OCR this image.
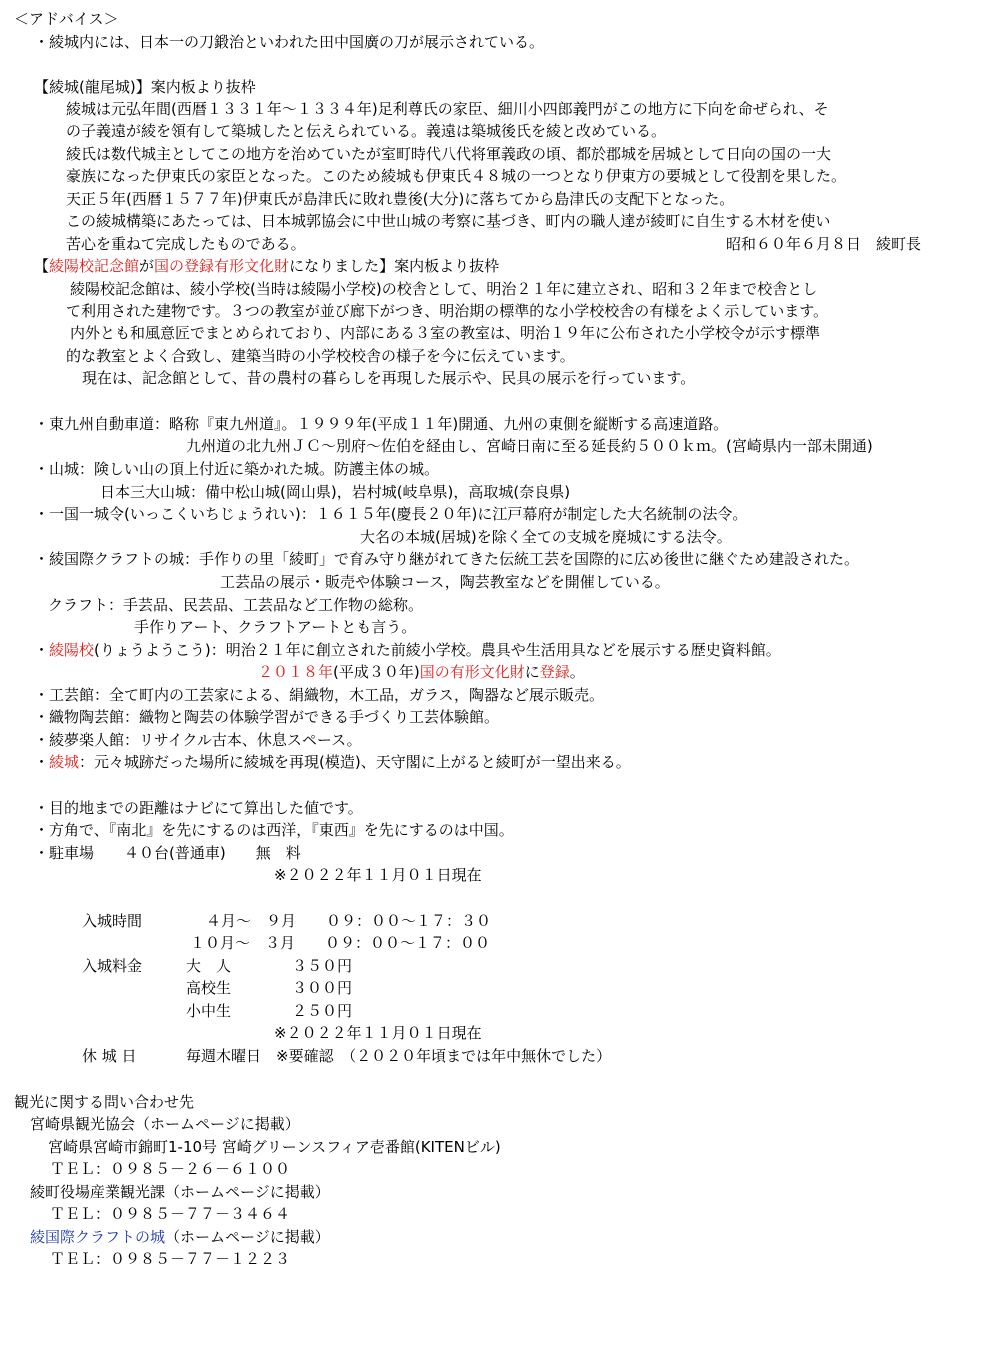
＜アドバイス＞
・綾城内には、日本一の刀鍛治といわれた田中国廣の刀が展示されている。
【綾城(龍尾城)】案内板より抜枠
綾城は元弘年間(西暦１３３１年～１３３４年)足利尊氏の家臣、細川小四郎義門がこの地方に下向を命ぜられ、そ
の子義遠が綾を領有して築城したと伝えられている。義遠は築城後氏を綾と改めている。
綾氏は数代城主としてこの地方を治めていたが室町時代八代将軍義政の頃、都於郡城を居城として日向の国の一大
豪族になった伊東氏の家臣となった。このため綾城も伊東氏４８城の一つとなり伊東方の要城として役割を果した。
天正５年(西暦１５７７年)伊東氏が島津氏に敗れ豊後(大分)に落ちてから島津氏の支配下となった。
この綾城構築にあたっては、日本城郭協会に中世山城の考察に基づき、町内の職人達が綾町に自生する木材を使い
苦心を重ねて完成したものである。	昭和６０年６月８日　綾町長
【綾陽校記念館が国の登録有形文化財になりました】案内板より抜枠
綾陽校記念館は、綾小学校(当時は綾陽小学校)の校舎として、明治２１年に建立され、昭和３２年まで校舎とし
て利用された建物です。３つの教室が並び廊下がつき、明治期の標準的な小学校校舎の有様をよく示しています。
内外とも和風意匠でまとめられており、内部にある３室の教室は、明治１９年に公布された小学校令が示す標準
的な教室とよく合致し、建築当時の小学校校舎の様子を今に伝えています。
現在は、記念館として、昔の農村の暮らしを再現した展示や、民具の展示を行っています。
・東九州自動車道：略称『東九州道』。１９９９年(平成１１年)開通、九州の東側を縦断する高速道路。
九州道の北九州ＪＣ～別府～佐伯を経由し、宮崎日南に至る延長約５００ｋｍ。(宮崎県内一部未開通)
・山城：険しい山の頂上付近に築かれた城。防護主体の城。
日本三大山城：備中松山城(岡山県)，岩村城(岐阜県)，高取城(奈良県)
・一国一城令(いっこくいちじょうれい)：１６１５年(慶長２０年)に江戸幕府が制定した大名統制の法令。
大名の本城(居城)を除く全ての支城を廃城にする法令。
・綾国際クラフトの城：手作りの里「綾町」で育み守り継がれてきた伝統工芸を国際的に広め後世に継ぐため建設された。
工芸品の展示・販売や体験コース，陶芸教室などを開催している。
クラフト：手芸品、民芸品、工芸品など工作物の総称。
手作りアート、クラフトアートとも言う。
・綾陽校(りょうようこう)：明治２１年に創立された前綾小学校。農具や生活用具などを展示する歴史資料館。
２０１８年(平成３０年)国の有形文化財に登録。
・工芸館：全て町内の工芸家による、絹織物，木工品，ガラス，陶器など展示販売。
・織物陶芸館：織物と陶芸の体験学習ができる手づくり工芸体験館。
・綾夢楽人館：リサイクル古本、休息スペース。
・綾城：元々城跡だった場所に綾城を再現(模造)、天守閣に上がると綾町が一望出来る。
・目的地までの距離はナビにて算出した値です。
・方角で、『南北』を先にするのは西洋，『東西』を先にするのは中国。
・駐車場　　４０台(普通車)　　無　料
※２０２２年１１月０１日現在
入城時間	４月～　９月　　０９：００～１７：３０
１０月～　３月　　０９：００～１７：００
入城料金	大　人	３５０円
高校生	３００円
小中生	２５０円
※２０２２年１１月０１日現在
休 城 日	毎週木曜日　※要確認　（２０２０年頃までは年中無休でした）
観光に関する問い合わせ先
宮崎県観光協会（ホームページに掲載）
宮崎県宮崎市錦町1-10号 宮崎グリーンスフィア壱番館(KITENビル)
ＴＥＬ：０９８５－２６－６１００
綾町役場産業観光課（ホームページに掲載）
ＴＥＬ：０９８５－７７－３４６４
綾国際クラフトの城（ホームページに掲載）
ＴＥＬ：０９８５－７７－１２２３
